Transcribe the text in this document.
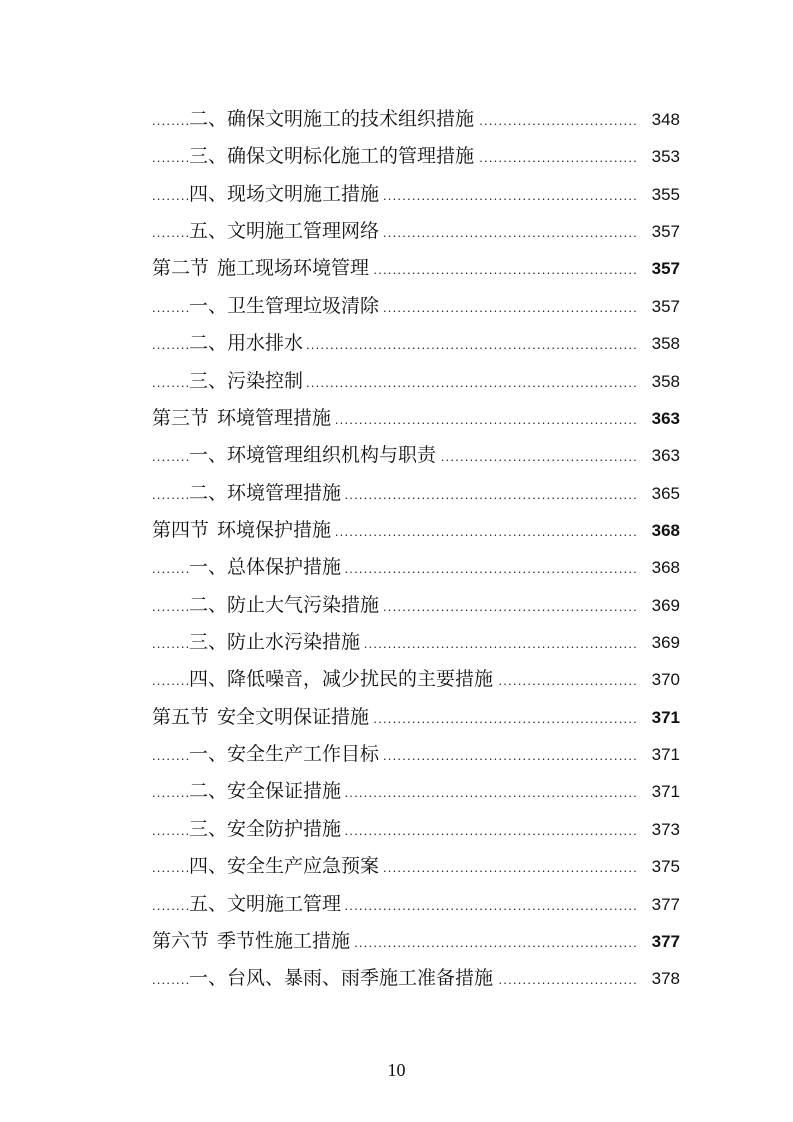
二、确保文明施工的技术组织措施 .....	348
三、确保文明标化施工的管理措施 .....	353
四、现场文明施工措施 .....	355
五、文明施工管理网络 .....	357
第二节 施工现场环境管理 .....	357
一、卫生管理垃圾清除 .....	357
二、用水排水 .....	358
三、污染控制 .....	358
第三节 环境管理措施 .....	363
一、环境管理组织机构与职责 .....	363
二、环境管理措施 .....	365
第四节 环境保护措施 .....	368
一、总体保护措施 .....	368
二、防止大气污染措施 .....	369
三、防止水污染措施 .....	369
四、降低噪音，减少扰民的主要措施 .....	370
第五节 安全文明保证措施 .....	371
一、安全生产工作目标 .....	371
二、安全保证措施 .....	371
三、安全防护措施 .....	373
四、安全生产应急预案 .....	375
五、文明施工管理 .....	377
第六节 季节性施工措施 .....	377
一、台风、暴雨、雨季施工准备措施 .....	378
10
